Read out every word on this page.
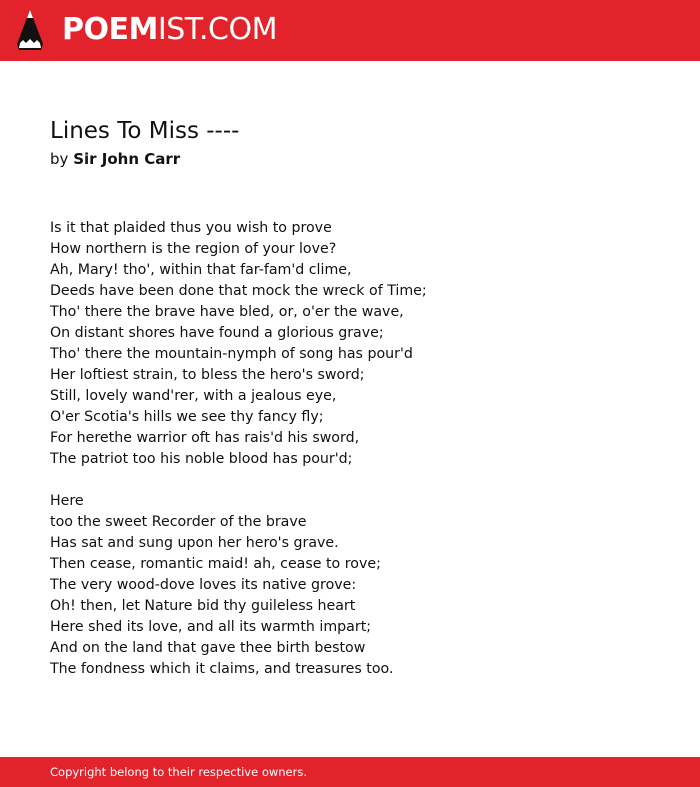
POEMIST.COM
Lines To Miss ----
by Sir John Carr
Is it that plaided thus you wish to prove
How northern is the region of your love?
Ah, Mary! tho', within that far-fam'd clime,
Deeds have been done that mock the wreck of Time;
Tho' there the brave have bled, or, o'er the wave,
On distant shores have found a glorious grave;
Tho' there the mountain-nymph of song has pour'd
Her loftiest strain, to bless the hero's sword;
Still, lovely wand'rer, with a jealous eye,
O'er Scotia's hills we see thy fancy fly;
For herethe warrior oft has rais'd his sword,
The patriot too his noble blood has pour'd;
Here
too the sweet Recorder of the brave
Has sat and sung upon her hero's grave.
Then cease, romantic maid! ah, cease to rove;
The very wood-dove loves its native grove:
Oh! then, let Nature bid thy guileless heart
Here shed its love, and all its warmth impart;
And on the land that gave thee birth bestow
The fondness which it claims, and treasures too.
Copyright belong to their respective owners.
